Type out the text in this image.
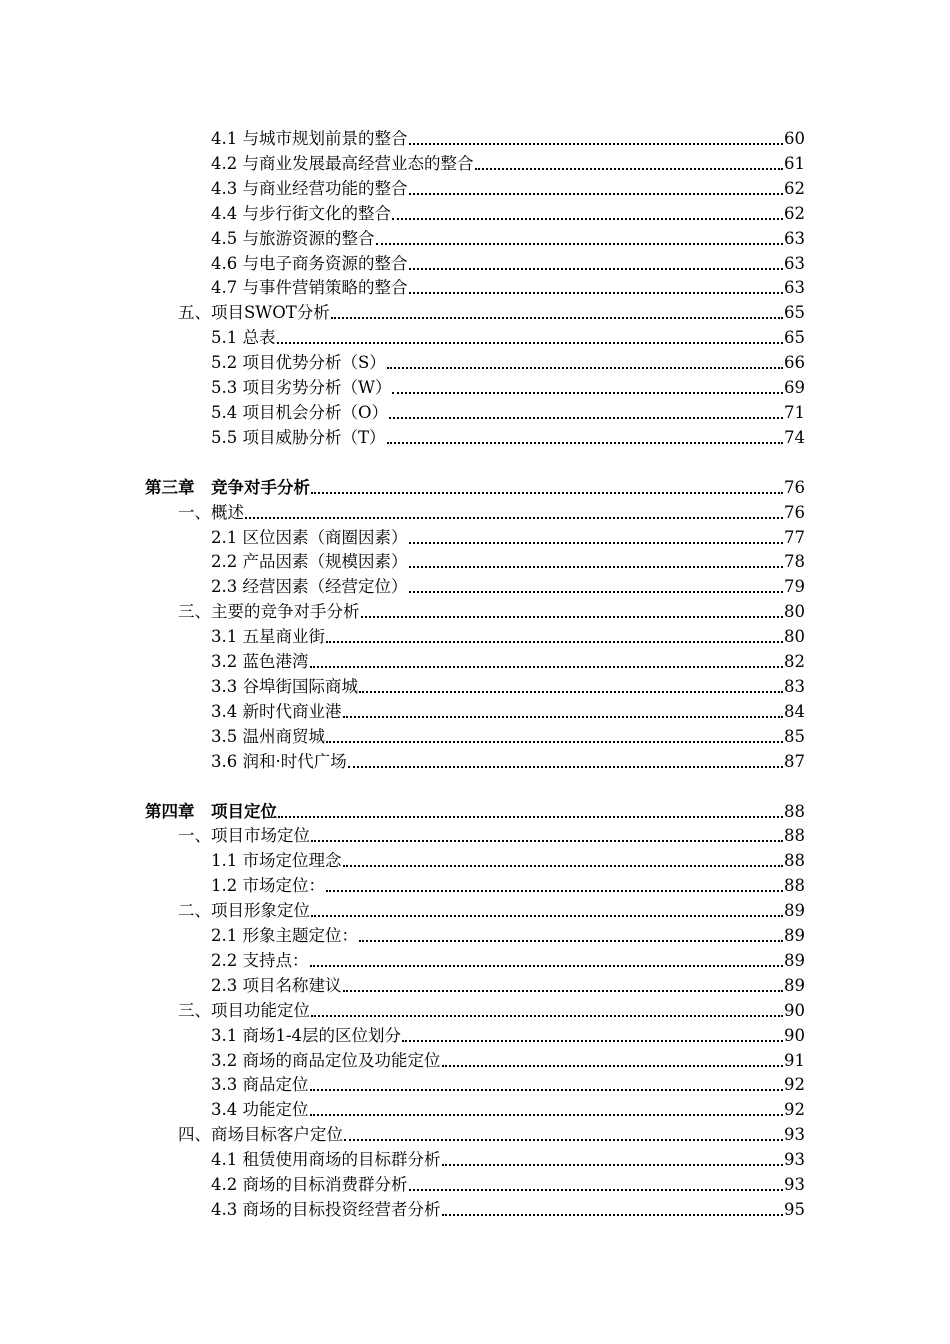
4.1 与城市规划前景的整合	60
4.2 与商业发展最高经营业态的整合	61
4.3 与商业经营功能的整合	62
4.4 与步行街文化的整合	62
4.5 与旅游资源的整合	63
4.6 与电子商务资源的整合	63
4.7 与事件营销策略的整合	63
五、项目SWOT分析	65
5.1 总表	65
5.2 项目优势分析（S）	66
5.3 项目劣势分析（W）	69
5.4 项目机会分析（O）	71
5.5 项目威胁分析（T）	74
第三章　竞争对手分析	76
一、概述	76
2.1 区位因素（商圈因素）	77
2.2 产品因素（规模因素）	78
2.3 经营因素（经营定位）	79
三、主要的竞争对手分析	80
3.1 五星商业街	80
3.2 蓝色港湾	82
3.3 谷埠街国际商城	83
3.4 新时代商业港	84
3.5 温州商贸城	85
3.6 润和·时代广场	87
第四章　项目定位	88
一、项目市场定位	88
1.1 市场定位理念	88
1.2 市场定位：	88
二、项目形象定位	89
2.1 形象主题定位：	89
2.2 支持点：	89
2.3 项目名称建议	89
三、项目功能定位	90
3.1 商场1-4层的区位划分	90
3.2 商场的商品定位及功能定位	91
3.3 商品定位	92
3.4 功能定位	92
四、商场目标客户定位	93
4.1 租赁使用商场的目标群分析	93
4.2 商场的目标消费群分析	93
4.3 商场的目标投资经营者分析	95
